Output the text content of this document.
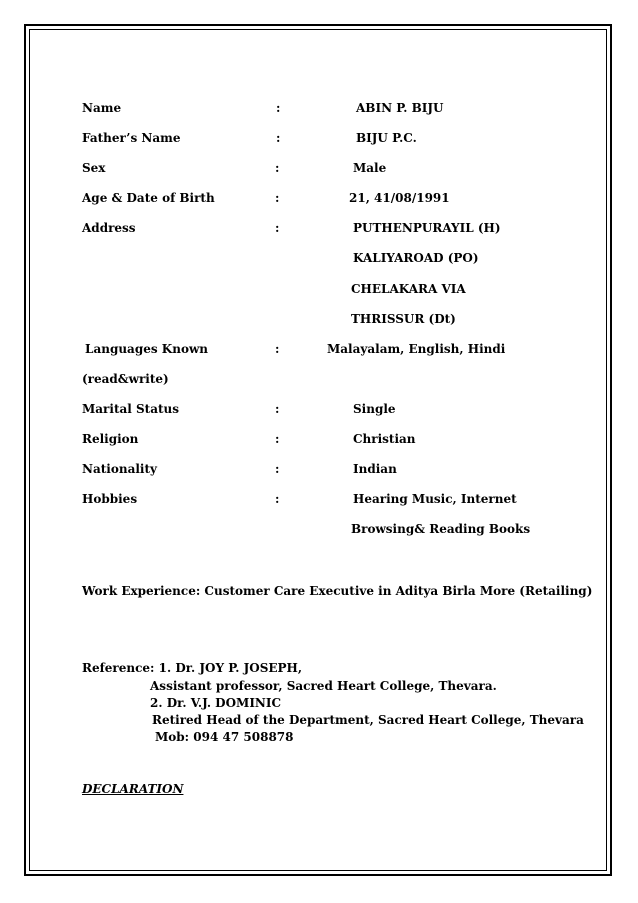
Name	:	ABIN P. BIJU
Father’s Name	:	BIJU P.C.
Sex	:	Male
Age & Date of Birth	:	21, 41/08/1991
Address	:	PUTHENPURAYIL (H)
KALIYAROAD (PO)
CHELAKARA VIA
THRISSUR (Dt)
Languages Known	:	Malayalam, English, Hindi
(read&write)
Marital Status	:	Single
Religion	:	Christian
Nationality	:	Indian
Hobbies	:	Hearing Music, Internet
Browsing& Reading Books
Work Experience: Customer Care Executive in Aditya Birla More (Retailing)
Reference: 1. Dr. JOY P. JOSEPH,
Assistant professor, Sacred Heart College, Thevara.
2. Dr. V.J. DOMINIC
Retired Head of the Department, Sacred Heart College, Thevara
Mob: 094 47 508878
DECLARATION
